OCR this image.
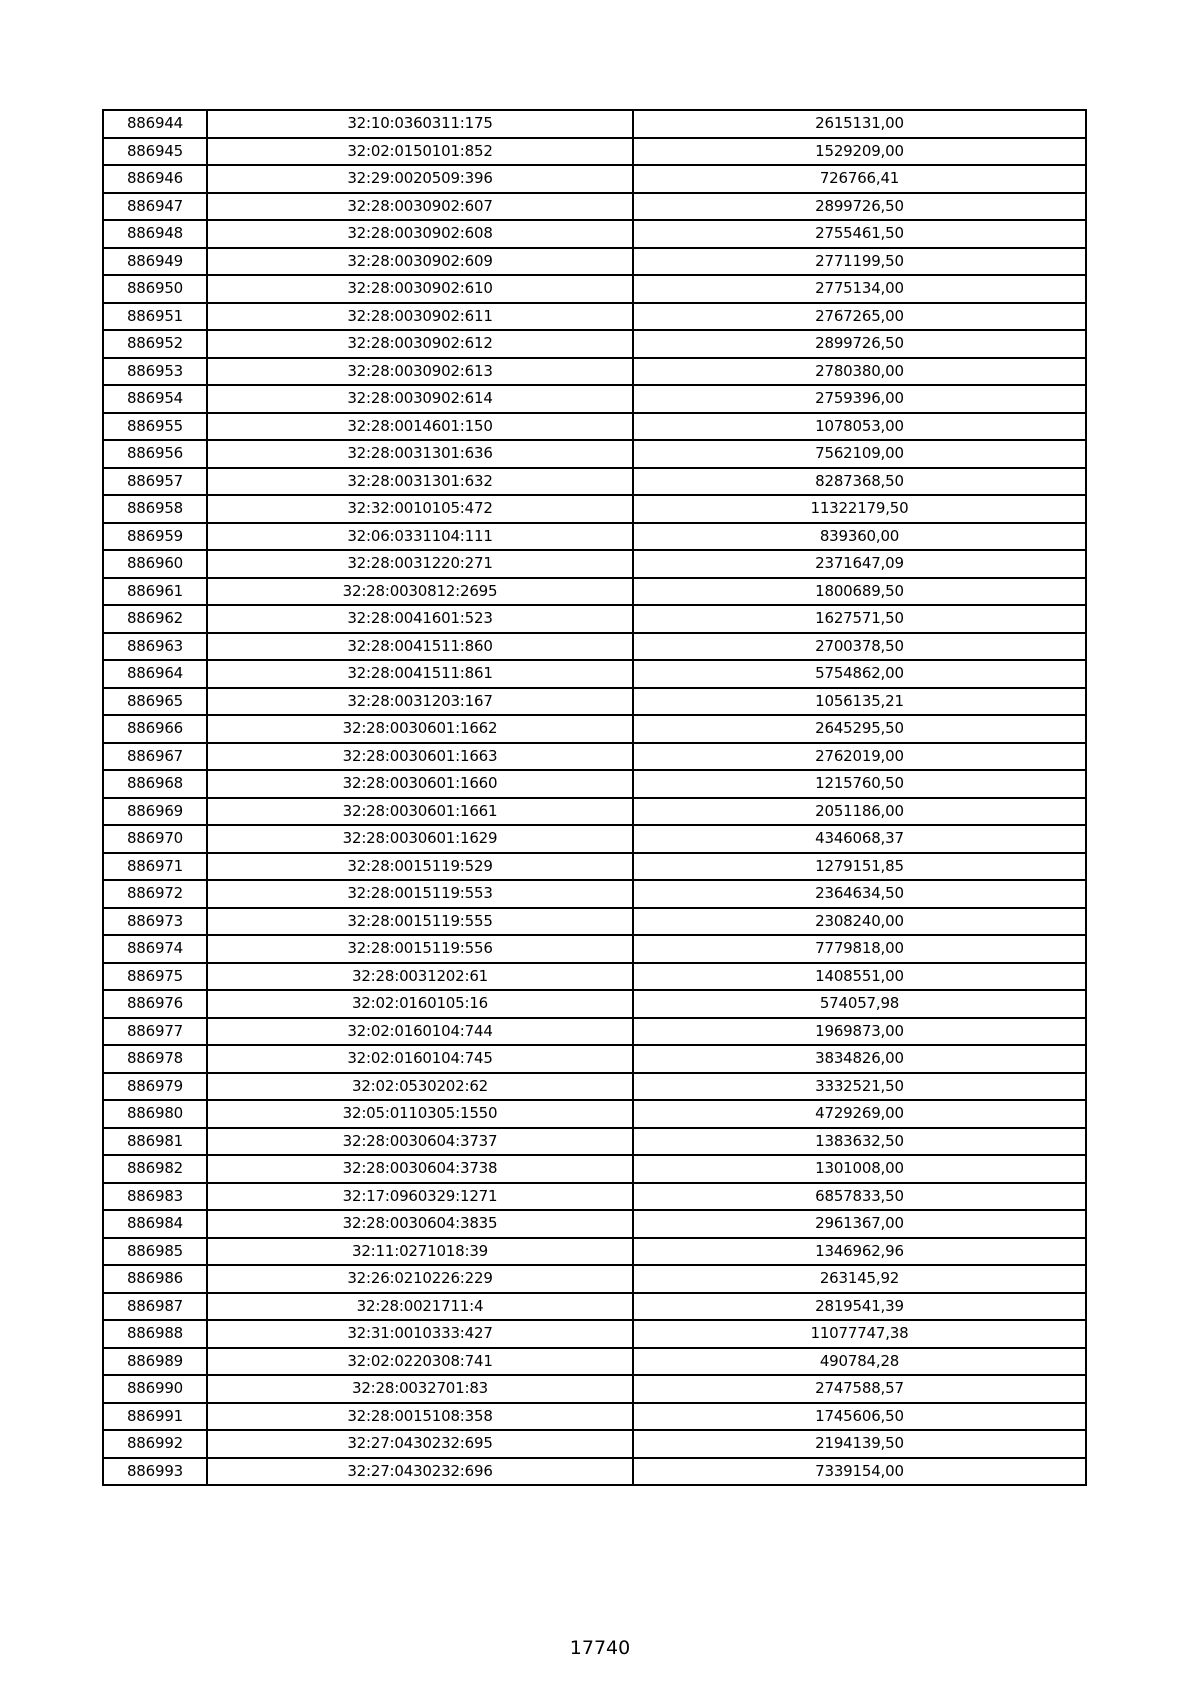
886944	32:10:0360311:175	2615131,00
886945	32:02:0150101:852	1529209,00
886946	32:29:0020509:396	726766,41
886947	32:28:0030902:607	2899726,50
886948	32:28:0030902:608	2755461,50
886949	32:28:0030902:609	2771199,50
886950	32:28:0030902:610	2775134,00
886951	32:28:0030902:611	2767265,00
886952	32:28:0030902:612	2899726,50
886953	32:28:0030902:613	2780380,00
886954	32:28:0030902:614	2759396,00
886955	32:28:0014601:150	1078053,00
886956	32:28:0031301:636	7562109,00
886957	32:28:0031301:632	8287368,50
886958	32:32:0010105:472	11322179,50
886959	32:06:0331104:111	839360,00
886960	32:28:0031220:271	2371647,09
886961	32:28:0030812:2695	1800689,50
886962	32:28:0041601:523	1627571,50
886963	32:28:0041511:860	2700378,50
886964	32:28:0041511:861	5754862,00
886965	32:28:0031203:167	1056135,21
886966	32:28:0030601:1662	2645295,50
886967	32:28:0030601:1663	2762019,00
886968	32:28:0030601:1660	1215760,50
886969	32:28:0030601:1661	2051186,00
886970	32:28:0030601:1629	4346068,37
886971	32:28:0015119:529	1279151,85
886972	32:28:0015119:553	2364634,50
886973	32:28:0015119:555	2308240,00
886974	32:28:0015119:556	7779818,00
886975	32:28:0031202:61	1408551,00
886976	32:02:0160105:16	574057,98
886977	32:02:0160104:744	1969873,00
886978	32:02:0160104:745	3834826,00
886979	32:02:0530202:62	3332521,50
886980	32:05:0110305:1550	4729269,00
886981	32:28:0030604:3737	1383632,50
886982	32:28:0030604:3738	1301008,00
886983	32:17:0960329:1271	6857833,50
886984	32:28:0030604:3835	2961367,00
886985	32:11:0271018:39	1346962,96
886986	32:26:0210226:229	263145,92
886987	32:28:0021711:4	2819541,39
886988	32:31:0010333:427	11077747,38
886989	32:02:0220308:741	490784,28
886990	32:28:0032701:83	2747588,57
886991	32:28:0015108:358	1745606,50
886992	32:27:0430232:695	2194139,50
886993	32:27:0430232:696	7339154,00
17740
